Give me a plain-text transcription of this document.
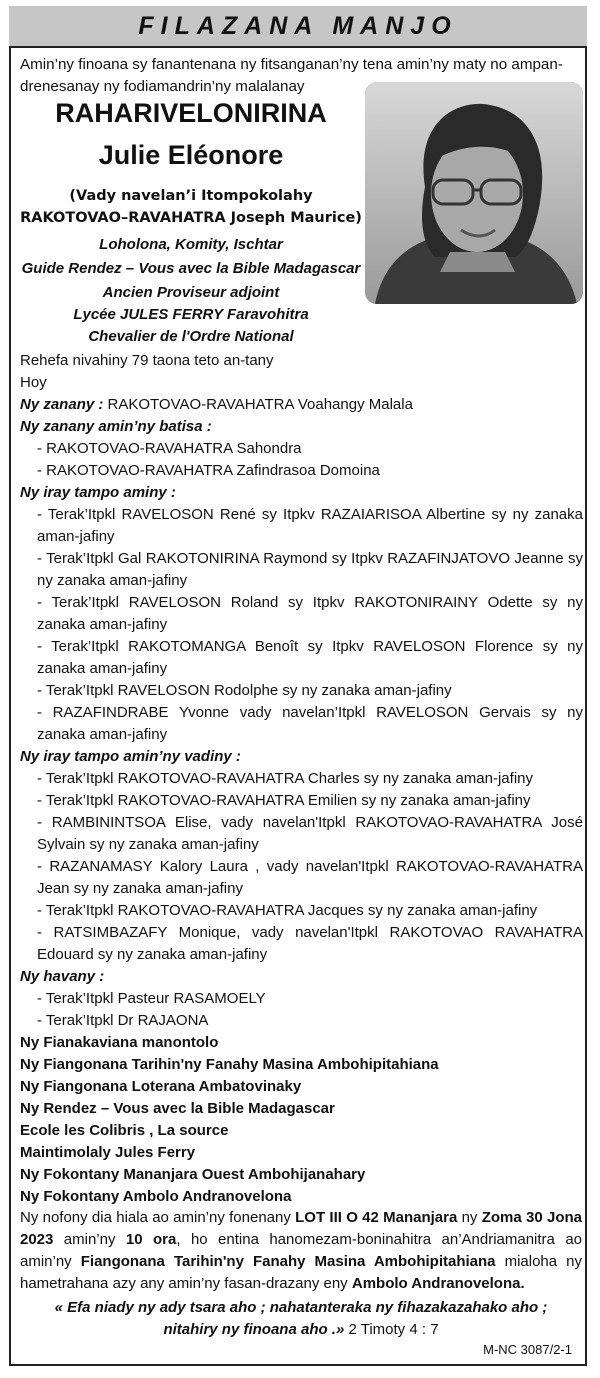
FILAZANA MANJO
Amin’ny finoana sy fanantenana ny fitsanganan’ny tena amin’ny maty no ampan-
drenesanay ny fodiamandrin’ny malalanay
RAHARIVELONIRINA
Julie Eléonore
(Vady navelan’i Itompokolahy
RAKOTOVAO–RAVAHATRA Joseph Maurice)
Loholona, Komity, Ischtar
Guide Rendez – Vous avec la Bible Madagascar
Ancien Proviseur adjoint
Lycée JULES FERRY Faravohitra
Chevalier de l'Ordre National
Rehefa nivahiny 79 taona teto an-tany
Hoy
Ny zanany : RAKOTOVAO-RAVAHATRA Voahangy Malala
Ny zanany amin’ny batisa :
- RAKOTOVAO-RAVAHATRA Sahondra
- RAKOTOVAO-RAVAHATRA Zafindrasoa Domoina
Ny iray tampo aminy :
- Terak’Itpkl RAVELOSON René sy Itpkv RAZAIARISOA Albertine sy ny zanaka aman-jafiny
- Terak’Itpkl Gal RAKOTONIRINA Raymond sy Itpkv RAZAFINJATOVO Jeanne sy ny zanaka aman-jafiny
- Terak’Itpkl RAVELOSON Roland sy Itpkv RAKOTONIRAINY Odette sy ny zanaka aman-jafiny
- Terak’Itpkl RAKOTOMANGA Benoît sy Itpkv RAVELOSON Florence sy ny zanaka aman-jafiny
- Terak’Itpkl RAVELOSON Rodolphe sy ny zanaka aman-jafiny
- RAZAFINDRABE Yvonne vady navelan’Itpkl RAVELOSON Gervais sy ny zanaka aman-jafiny
Ny iray tampo amin’ny vadiny :
- Terak’Itpkl RAKOTOVAO-RAVAHATRA Charles sy ny zanaka aman-jafiny
- Terak’Itpkl RAKOTOVAO-RAVAHATRA Emilien sy ny zanaka aman-jafiny
- RAMBININTSOA Elise, vady navelan'Itpkl RAKOTOVAO-RAVAHATRA José Sylvain sy ny zanaka aman-jafiny
- RAZANAMASY Kalory Laura , vady navelan'Itpkl RAKOTOVAO-RAVAHATRA Jean sy ny zanaka aman-jafiny
- Terak’Itpkl RAKOTOVAO-RAVAHATRA Jacques sy ny zanaka aman-jafiny
- RATSIMBAZAFY Monique, vady navelan'Itpkl RAKOTOVAO RAVAHATRA Edouard sy ny zanaka aman-jafiny
Ny havany :
- Terak’Itpkl Pasteur RASAMOELY
- Terak’Itpkl Dr RAJAONA
Ny Fianakaviana manontolo
Ny Fiangonana Tarihin'ny Fanahy Masina Ambohipitahiana
Ny Fiangonana Loterana Ambatovinaky
Ny Rendez – Vous avec la Bible Madagascar
Ecole les Colibris , La source
Maintimolaly Jules Ferry
Ny Fokontany Mananjara Ouest Ambohijanahary
Ny Fokontany Ambolo Andranovelona
Ny nofony dia hiala ao amin’ny fonenany LOT III O 42 Mananjara ny Zoma 30 Jona 2023 amin’ny 10 ora, ho entina hanomezam-boninahitra an’Andriamanitra ao amin’ny Fiangonana Tarihin'ny Fanahy Masina Ambohipitahiana mialoha ny hametrahana azy any amin’ny fasan-drazany eny Ambolo Andranovelona.
« Efa niady ny ady tsara aho ; nahatanteraka ny fihazakazahako aho ;
nitahiry ny finoana aho .» 2 Timoty 4 : 7
M-NC 3087/2-1
